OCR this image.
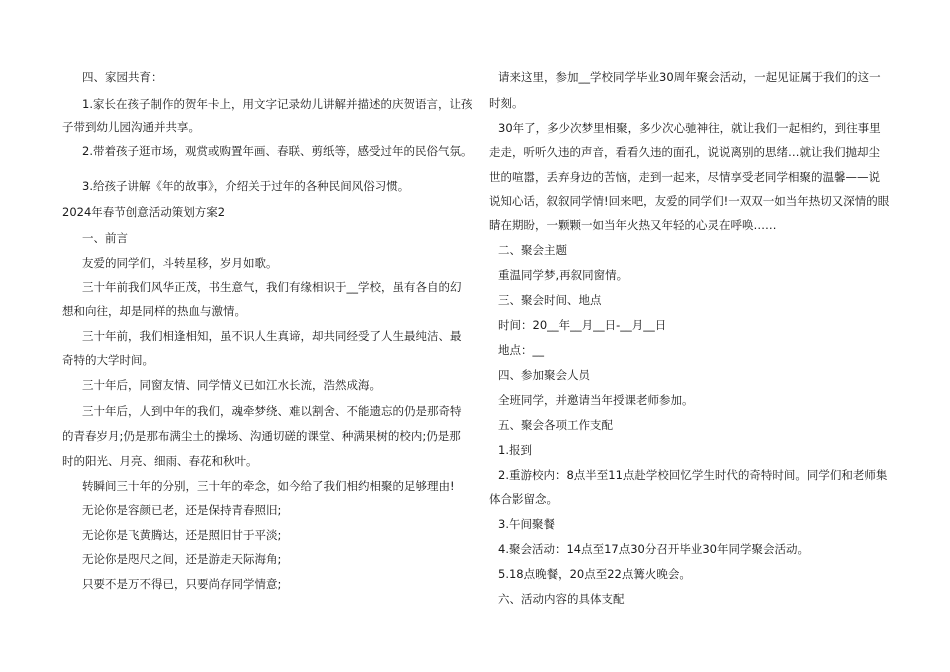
四、家园共育：
1.家长在孩子制作的贺年卡上，用文字记录幼儿讲解并描述的庆贺语言，让孩
子带到幼儿园沟通并共享。
2.带着孩子逛市场，观赏或购置年画、春联、剪纸等，感受过年的民俗气氛。
3.给孩子讲解《年的故事》，介绍关于过年的各种民间风俗习惯。
2024年春节创意活动策划方案2
一、前言
友爱的同学们，斗转星移，岁月如歌。
三十年前我们风华正茂，书生意气，我们有缘相识于__学校，虽有各自的幻
想和向往，却是同样的热血与激情。
三十年前，我们相逢相知，虽不识人生真谛，却共同经受了人生最纯洁、最
奇特的大学时间。
三十年后，同窗友情、同学情义已如江水长流，浩然成海。
三十年后，人到中年的我们，魂牵梦绕、难以割舍、不能遗忘的仍是那奇特
的青春岁月;仍是那布满尘土的操场、沟通切磋的课堂、种满果树的校内;仍是那
时的阳光、月亮、细雨、春花和秋叶。
转瞬间三十年的分别，三十年的牵念，如今给了我们相约相聚的足够理由!
无论你是容颜已老，还是保持青春照旧;
无论你是飞黄腾达，还是照旧甘于平淡;
无论你是咫尺之间，还是游走天际海角;
只要不是万不得已，只要尚存同学情意;
请来这里，参加__学校同学毕业30周年聚会活动，一起见证属于我们的这一
时刻。
30年了，多少次梦里相聚，多少次心驰神往，就让我们一起相约，到往事里
走走，听听久违的声音，看看久违的面孔，说说离别的思绪…就让我们抛却尘
世的喧嚣，丢弃身边的苦恼，走到一起来，尽情享受老同学相聚的温馨——说
说知心话，叙叙同学情!回来吧，友爱的同学们!一双双一如当年热切又深情的眼
睛在期盼，一颗颗一如当年火热又年轻的心灵在呼唤……
二、聚会主题
重温同学梦,再叙同窗情。
三、聚会时间、地点
时间：20__年__月__日-__月__日
地点：__
四、参加聚会人员
全班同学，并邀请当年授课老师参加。
五、聚会各项工作支配
1.报到
2.重游校内：8点半至11点赴学校回忆学生时代的奇特时间。同学们和老师集
体合影留念。
3.午间聚餐
4.聚会活动：14点至17点30分召开毕业30年同学聚会活动。
5.18点晚餐，20点至22点篝火晚会。
六、活动内容的具体支配
